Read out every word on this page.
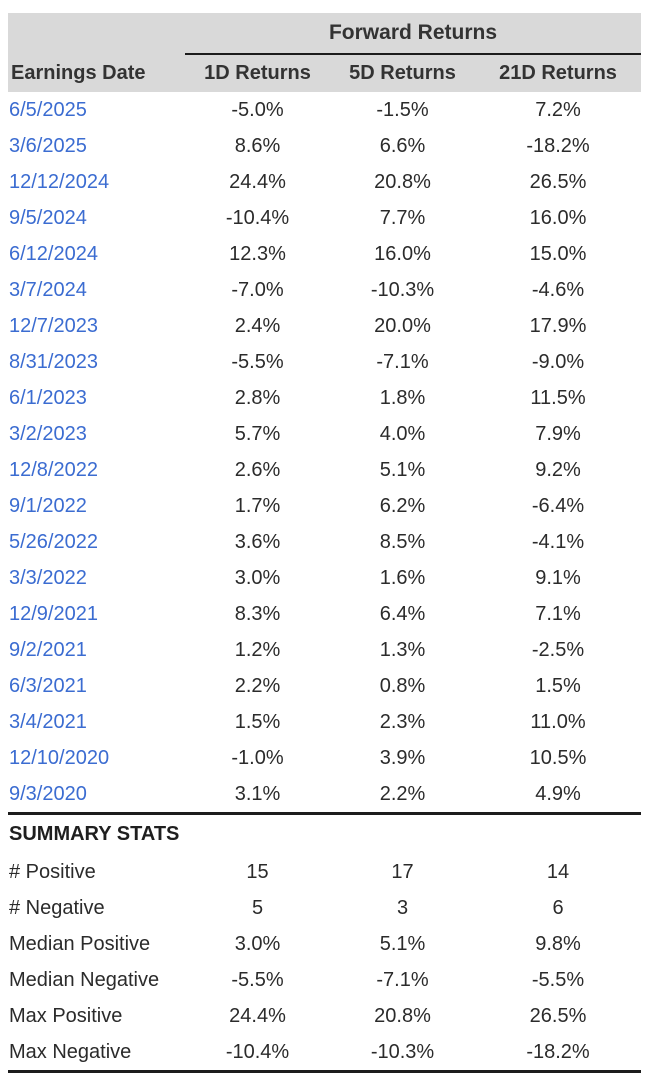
	Forward Returns		
Earnings Date	1D Returns	5D Returns	21D Returns
6/5/2025	-5.0%	-1.5%	7.2%
3/6/2025	8.6%	6.6%	-18.2%
12/12/2024	24.4%	20.8%	26.5%
9/5/2024	-10.4%	7.7%	16.0%
6/12/2024	12.3%	16.0%	15.0%
3/7/2024	-7.0%	-10.3%	-4.6%
12/7/2023	2.4%	20.0%	17.9%
8/31/2023	-5.5%	-7.1%	-9.0%
6/1/2023	2.8%	1.8%	11.5%
3/2/2023	5.7%	4.0%	7.9%
12/8/2022	2.6%	5.1%	9.2%
9/1/2022	1.7%	6.2%	-6.4%
5/26/2022	3.6%	8.5%	-4.1%
3/3/2022	3.0%	1.6%	9.1%
12/9/2021	8.3%	6.4%	7.1%
9/2/2021	1.2%	1.3%	-2.5%
6/3/2021	2.2%	0.8%	1.5%
3/4/2021	1.5%	2.3%	11.0%
12/10/2020	-1.0%	3.9%	10.5%
9/3/2020	3.1%	2.2%	4.9%
SUMMARY STATS			
# Positive	15	17	14
# Negative	5	3	6
Median Positive	3.0%	5.1%	9.8%
Median Negative	-5.5%	-7.1%	-5.5%
Max Positive	24.4%	20.8%	26.5%
Max Negative	-10.4%	-10.3%	-18.2%
